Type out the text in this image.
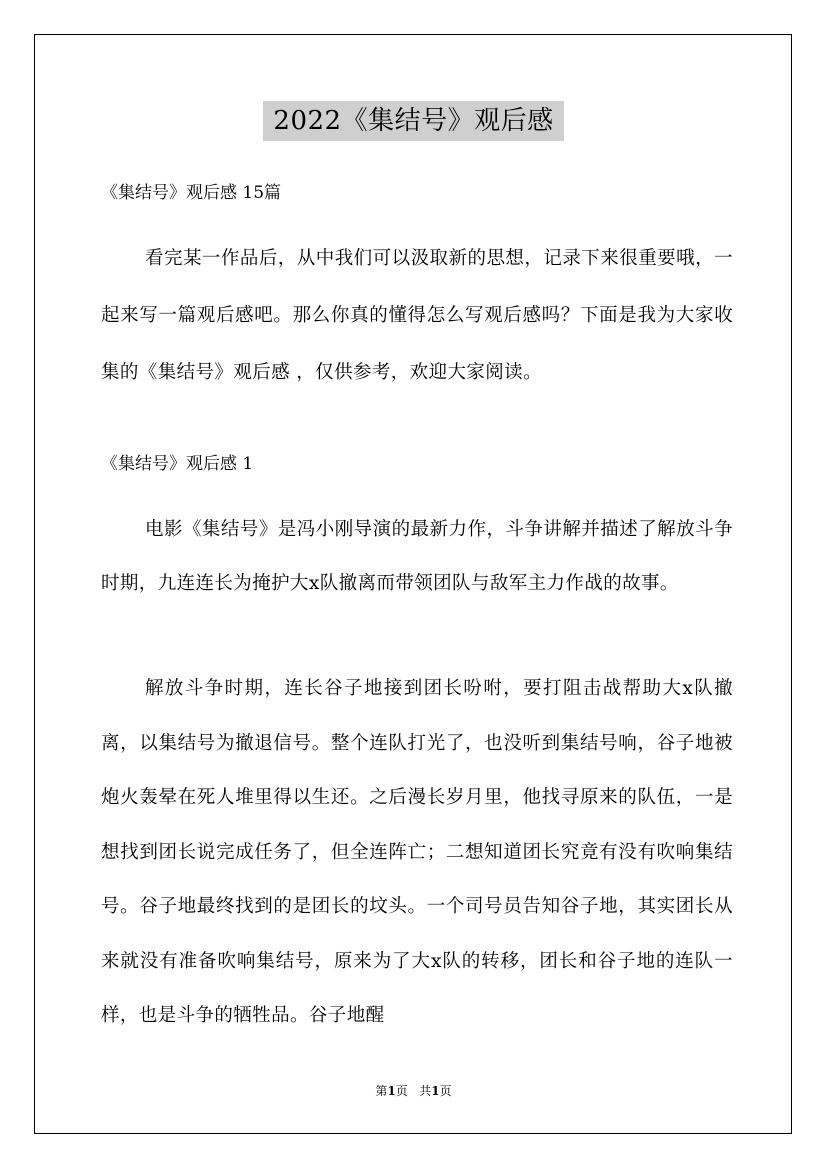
2022《集结号》观后感
《集结号》观后感 15篇

看完某一作品后，从中我们可以汲取新的思想，记录下来很重要哦，一起来写一篇观后感吧。那么你真的懂得怎么写观后感吗？下面是我为大家收集的《集结号》观后感 ，仅供参考，欢迎大家阅读。

《集结号》观后感 1

电影《集结号》是冯小刚导演的最新力作，斗争讲解并描述了解放斗争时期，九连连长为掩护大x队撤离而带领团队与敌军主力作战的故事。

解放斗争时期，连长谷子地接到团长吩咐，要打阻击战帮助大x队撤离，以集结号为撤退信号。整个连队打光了，也没听到集结号响，谷子地被炮火轰晕在死人堆里得以生还。之后漫长岁月里，他找寻原来的队伍，一是想找到团长说完成任务了，但全连阵亡；二想知道团长究竟有没有吹响集结号。谷子地最终找到的是团长的坟头。一个司号员告知谷子地，其实团长从来就没有准备吹响集结号，原来为了大x队的转移，团长和谷子地的连队一样，也是斗争的牺牲品。谷子地醒

第1页 共1页
